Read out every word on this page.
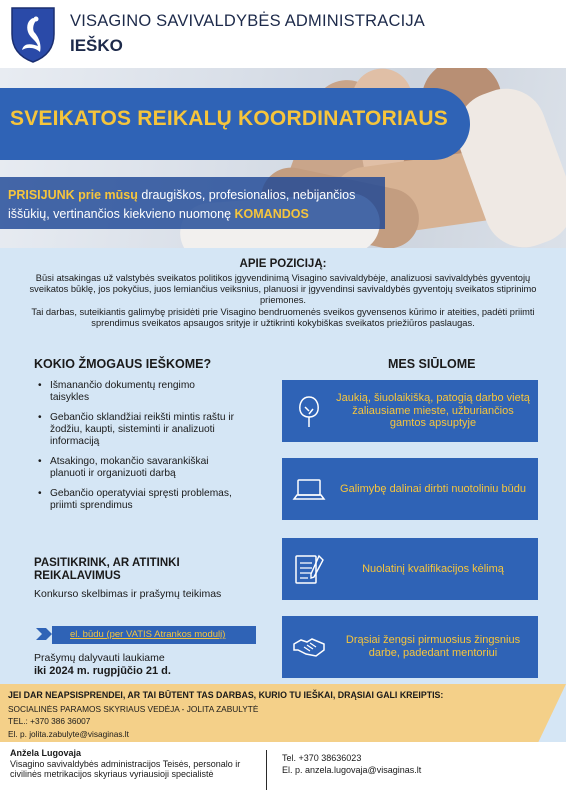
VISAGINO SAVIVALDYBĖS ADMINISTRACIJA
IEŠKO
SVEIKATOS REIKALŲ KOORDINATORIAUS
PRISIJUNK prie mūsų draugiškos, profesionalios, nebijančios
iššūkių, vertinančios kiekvieno nuomonę KOMANDOS
APIE POZICIJĄ:
Būsi atsakingas už valstybės sveikatos politikos įgyvendinimą Visagino savivaldybėje, analizuosi savivaldybės gyventojų sveikatos būklę, jos pokyčius, juos lemiančius veiksnius, planuosi ir įgyvendinsi savivaldybės gyventojų sveikatos stiprinimo priemones.
Tai darbas, suteikiantis galimybę prisidėti prie Visagino bendruomenės sveikos gyvensenos kūrimo ir ateities, padėti priimti sprendimus sveikatos apsaugos srityje ir užtikrinti kokybiškas sveikatos priežiūros paslaugas.
KOKIO ŽMOGAUS IEŠKOME?
• Išmanančio dokumentų rengimo taisykles
• Gebančio sklandžiai reikšti mintis raštu ir žodžiu, kaupti, sisteminti ir analizuoti informaciją
• Atsakingo, mokančio savarankiškai planuoti ir organizuoti darbą
• Gebančio operatyviai spręsti problemas, priimti sprendimus
PASITIKRINK, AR ATITINKI REIKALAVIMUS
Konkurso skelbimas ir prašymų teikimas
el. būdu (per VATIS Atrankos modulį)
Prašymų dalyvauti laukiame
iki 2024 m. rugpjūčio 21 d.
MES SIŪLOME
Jaukią, šiuolaikišką, patogią darbo vietą žaliausiame mieste, užburiančios gamtos apsuptyje
Galimybę dalinai dirbti nuotoliniu būdu
Nuolatinį kvalifikacijos kėlimą
Drąsiai žengsi pirmuosius žingsnius darbe, padedant mentoriui
JEI DAR NEAPSISPRENDEI, AR TAI BŪTENT TAS DARBAS, KURIO TU IEŠKAI, DRĄSIAI GALI KREIPTIS:
SOCIALINĖS PARAMOS SKYRIAUS VEDĖJA - JOLITA ZABULYTĖ
TEL.: +370 386 36007
El. p. jolita.zabulyte@visaginas.lt
Anžela Lugovaja
Visagino savivaldybės administracijos Teisės, personalo ir civilinės metrikacijos skyriaus vyriausioji specialistė
Tel. +370 38636023
El. p. anzela.lugovaja@visaginas.lt
